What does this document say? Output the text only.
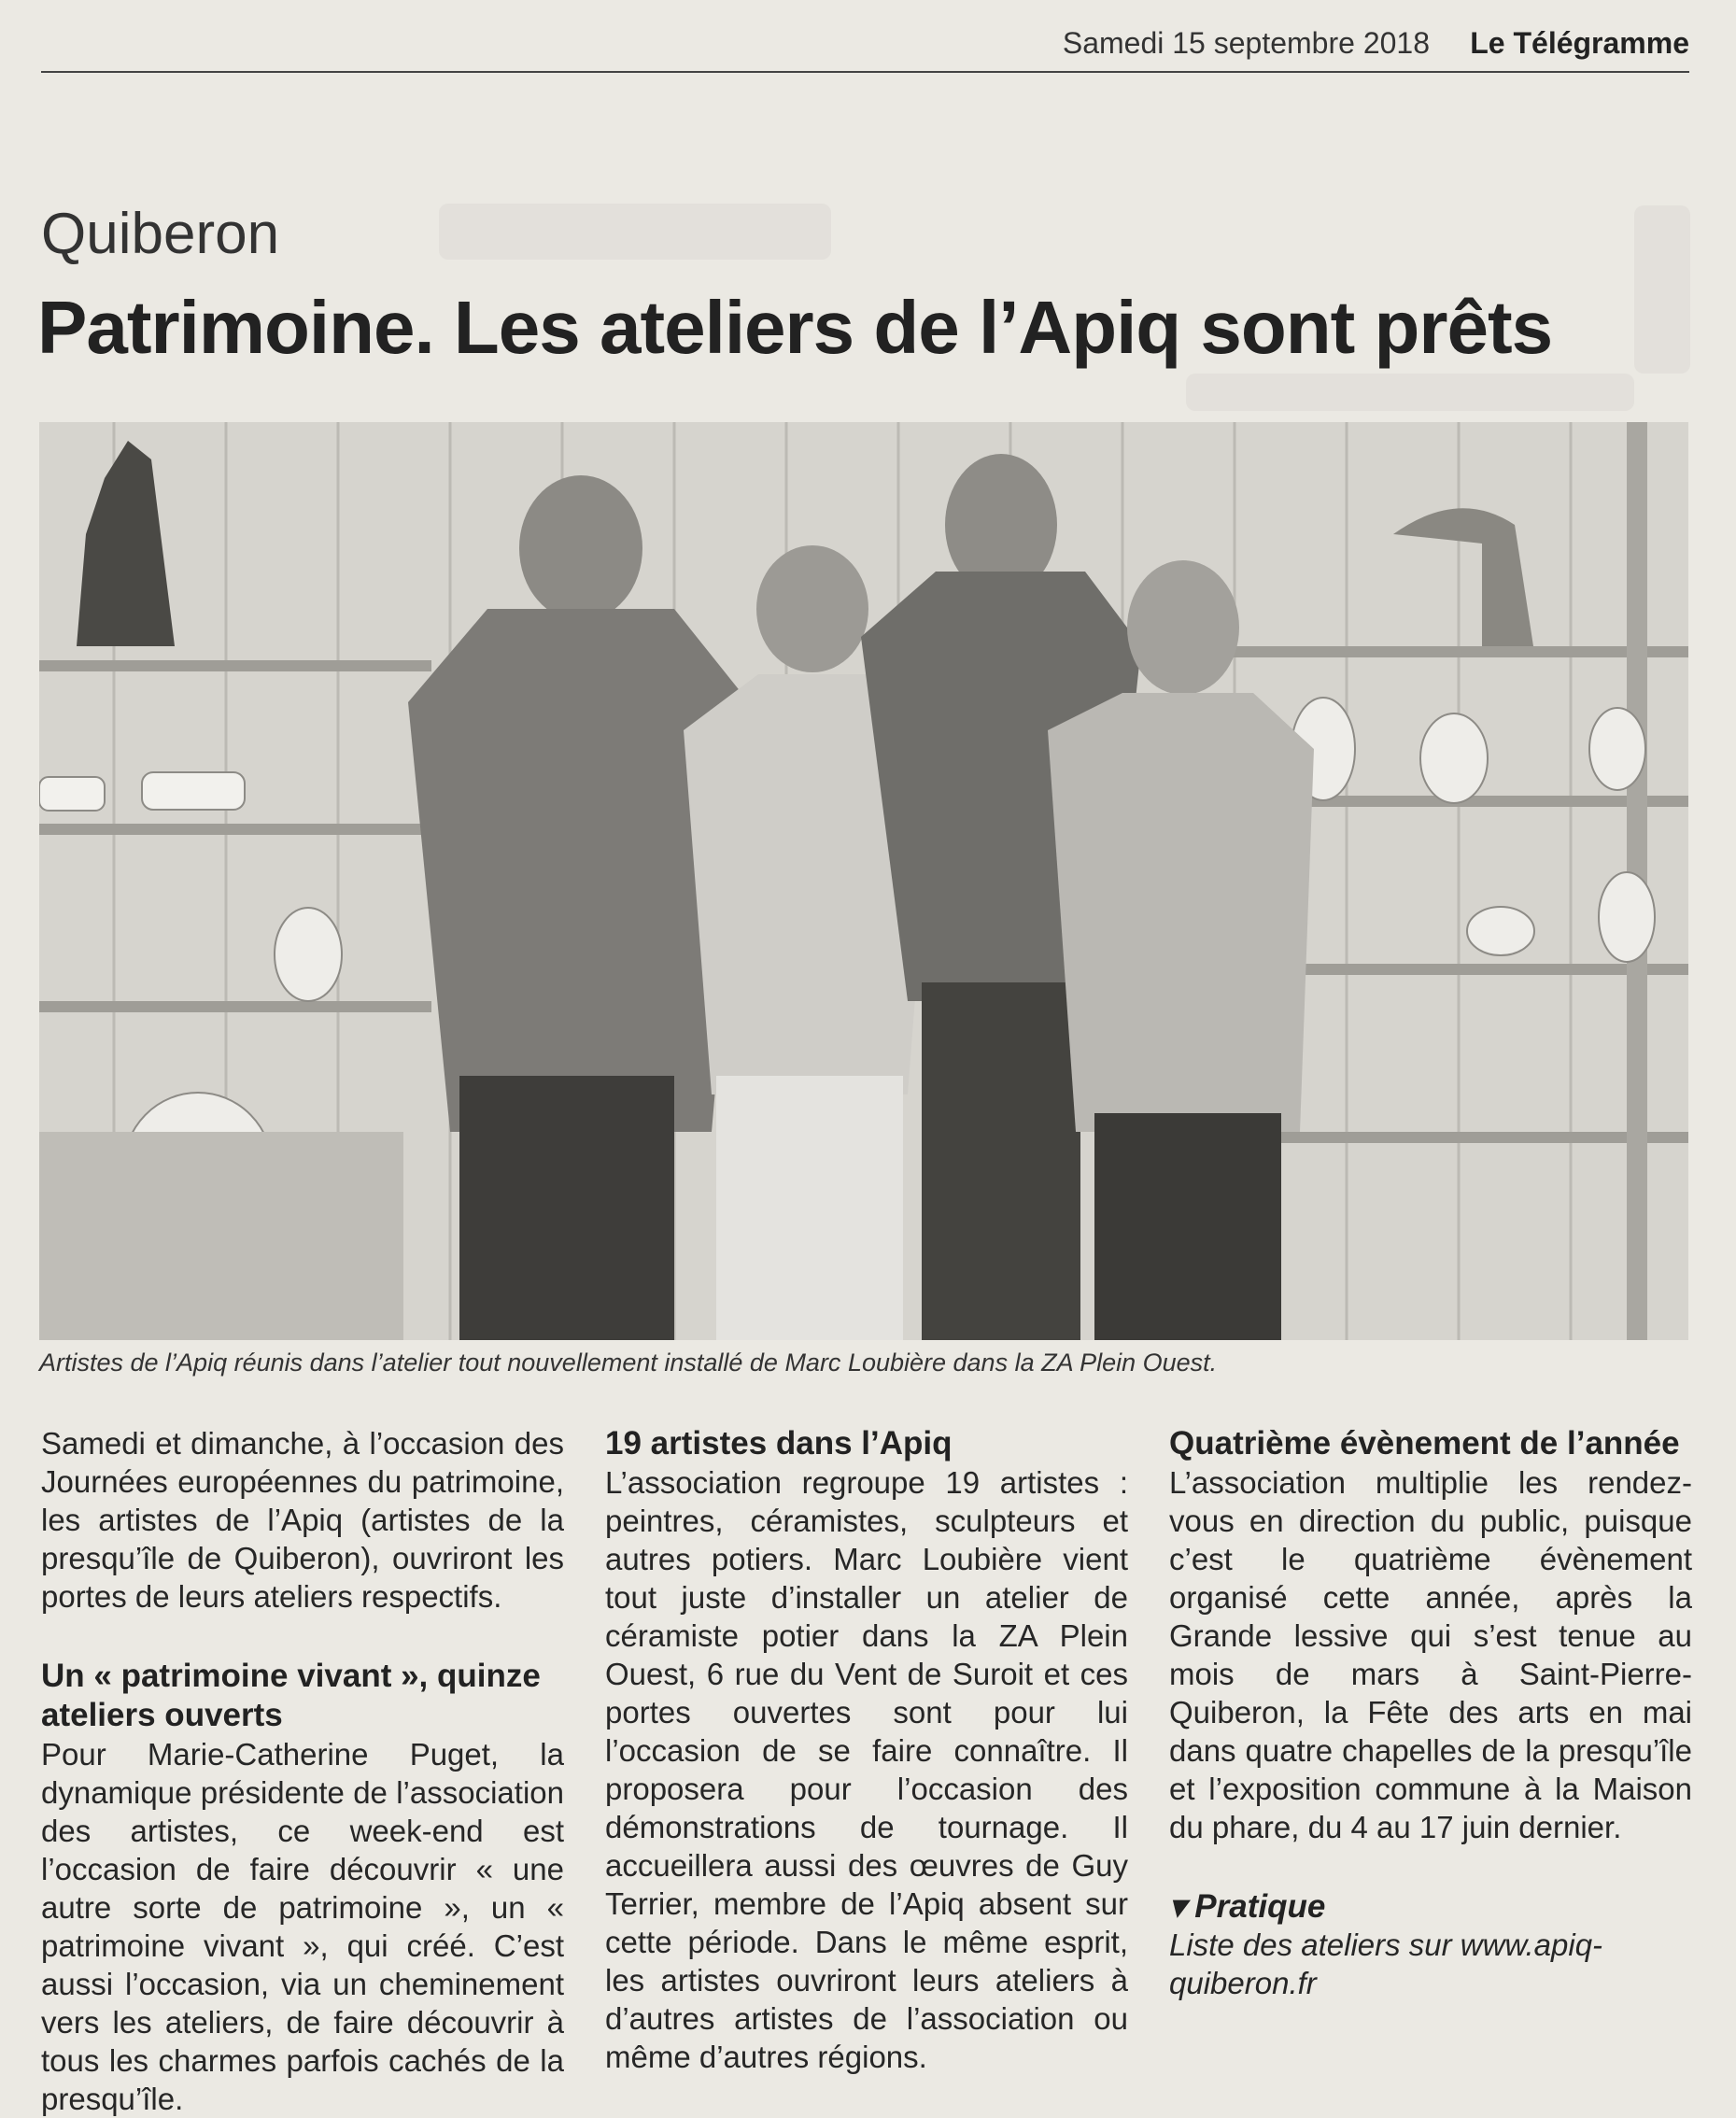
Samedi 15 septembre 2018 Le Télégramme
Quiberon
Patrimoine. Les ateliers de l’Apiq sont prêts
Artistes de l’Apiq réunis dans l’atelier tout nouvellement installé de Marc Loubière dans la ZA Plein Ouest.

Samedi et dimanche, à l’occasion des Journées européennes du patrimoine, les artistes de l’Apiq (artistes de la presqu’île de Quiberon), ouvriront les portes de leurs ateliers respectifs.

Un « patrimoine vivant », quinze ateliers ouverts

Pour Marie-Catherine Puget, la dynamique présidente de l’association des artistes, ce week-end est l’occasion de faire découvrir « une autre sorte de patrimoine », un « patrimoine vivant », qui créé. C’est aussi l’occasion, via un cheminement vers les ateliers, de faire découvrir à tous les charmes parfois cachés de la presqu’île.

19 artistes dans l’Apiq

L’association regroupe 19 artistes : peintres, céramistes, sculpteurs et autres potiers. Marc Loubière vient tout juste d’installer un atelier de céramiste potier dans la ZA Plein Ouest, 6 rue du Vent de Suroit et ces portes ouvertes sont pour lui l’occasion de se faire connaître. Il proposera pour l’occasion des démonstrations de tournage. Il accueillera aussi des œuvres de Guy Terrier, membre de l’Apiq absent sur cette période. Dans le même esprit, les artistes ouvriront leurs ateliers à d’autres artistes de l’association ou même d’autres régions.

Quatrième évènement de l’année

L’association multiplie les rendez-vous en direction du public, puisque c’est le quatrième évènement organisé cette année, après la Grande lessive qui s’est tenue au mois de mars à Saint-Pierre-Quiberon, la Fête des arts en mai dans quatre chapelles de la presqu’île et l’exposition commune à la Maison du phare, du 4 au 17 juin dernier.

▾ Pratique

Liste des ateliers sur www.apiq-quiberon.fr
